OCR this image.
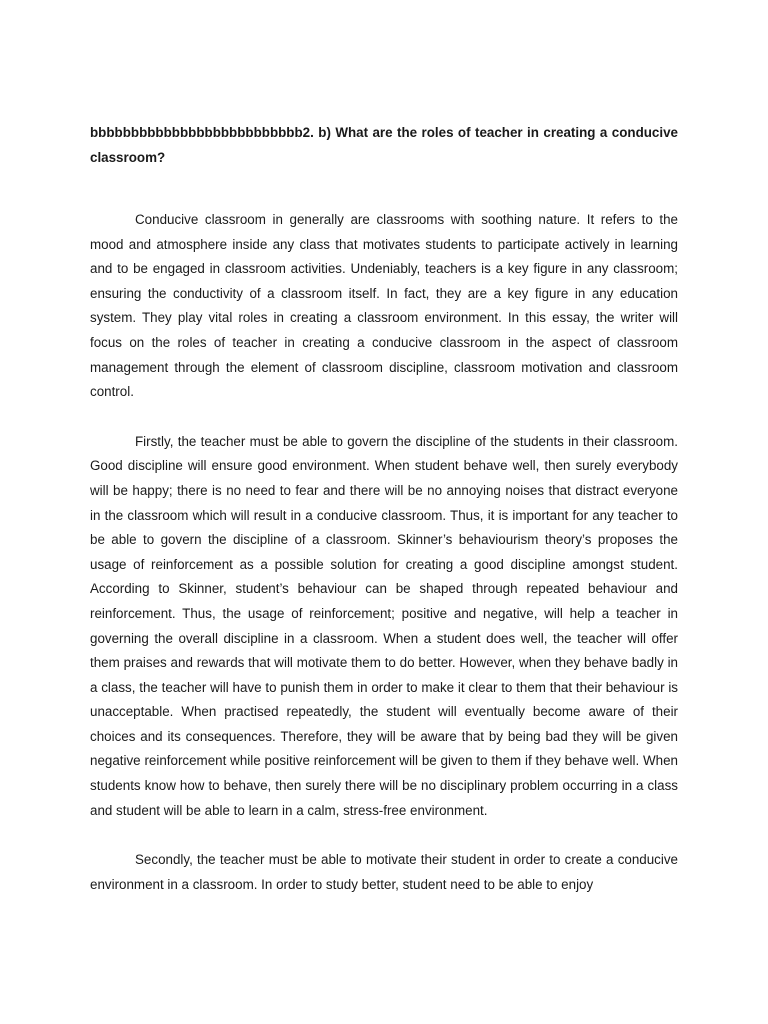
bbbbbbbbbbbbbbbbbbbbbbbbbb2. b) What are the roles of teacher in creating a conducive classroom?

Conducive classroom in generally are classrooms with soothing nature. It refers to the mood and atmosphere inside any class that motivates students to participate actively in learning and to be engaged in classroom activities. Undeniably, teachers is a key figure in any classroom; ensuring the conductivity of a classroom itself. In fact, they are a key figure in any education system. They play vital roles in creating a classroom environment. In this essay, the writer will focus on the roles of teacher in creating a conducive classroom in the aspect of classroom management through the element of classroom discipline, classroom motivation and classroom control.

Firstly, the teacher must be able to govern the discipline of the students in their classroom. Good discipline will ensure good environment. When student behave well, then surely everybody will be happy; there is no need to fear and there will be no annoying noises that distract everyone in the classroom which will result in a conducive classroom. Thus, it is important for any teacher to be able to govern the discipline of a classroom. Skinner’s behaviourism theory’s proposes the usage of reinforcement as a possible solution for creating a good discipline amongst student. According to Skinner, student’s behaviour can be shaped through repeated behaviour and reinforcement. Thus, the usage of reinforcement; positive and negative, will help a teacher in governing the overall discipline in a classroom. When a student does well, the teacher will offer them praises and rewards that will motivate them to do better. However, when they behave badly in a class, the teacher will have to punish them in order to make it clear to them that their behaviour is unacceptable. When practised repeatedly, the student will eventually become aware of their choices and its consequences. Therefore, they will be aware that by being bad they will be given negative reinforcement while positive reinforcement will be given to them if they behave well. When students know how to behave, then surely there will be no disciplinary problem occurring in a class and student will be able to learn in a calm, stress-free environment.

Secondly, the teacher must be able to motivate their student in order to create a conducive environment in a classroom. In order to study better, student need to be able to enjoy
